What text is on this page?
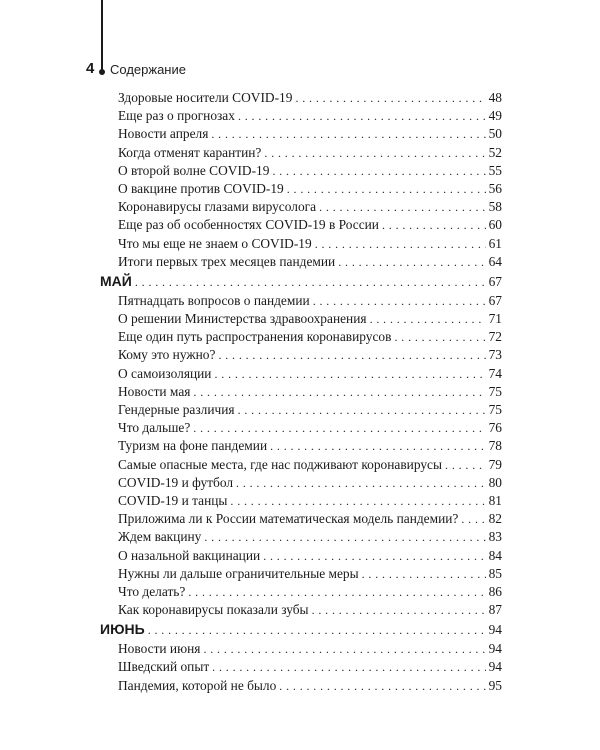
4 Содержание
Здоровые носители COVID-19 . . .	48
Еще раз о прогнозах . . .	49
Новости апреля . . .	50
Когда отменят карантин? . . .	52
О второй волне COVID-19 . . .	55
О вакцине против COVID-19 . . .	56
Коронавирусы глазами вирусолога . . .	58
Еще раз об особенностях COVID-19 в России . . .	60
Что мы еще не знаем о COVID-19 . . .	61
Итоги первых трех месяцев пандемии . . .	64
МАЙ . . .	67
Пятнадцать вопросов о пандемии . . .	67
О решении Министерства здравоохранения . . .	71
Еще один путь распространения коронавирусов . . .	72
Кому это нужно? . . .	73
О самоизоляции . . .	74
Новости мая . . .	75
Гендерные различия . . .	75
Что дальше? . . .	76
Туризм на фоне пандемии . . .	78
Самые опасные места, где нас подживают коронавирусы . . .	79
COVID-19 и футбол . . .	80
COVID-19 и танцы . . .	81
Приложима ли к России математическая модель пандемии? . . . 82
Ждем вакцину . . .	83
О назальной вакцинации . . .	84
Нужны ли дальше ограничительные меры . . .	85
Что делать? . . .	86
Как коронавирусы показали зубы . . .	87
ИЮНЬ . . .	94
Новости июня . . .	94
Шведский опыт . . .	94
Пандемия, которой не было . . .	95
